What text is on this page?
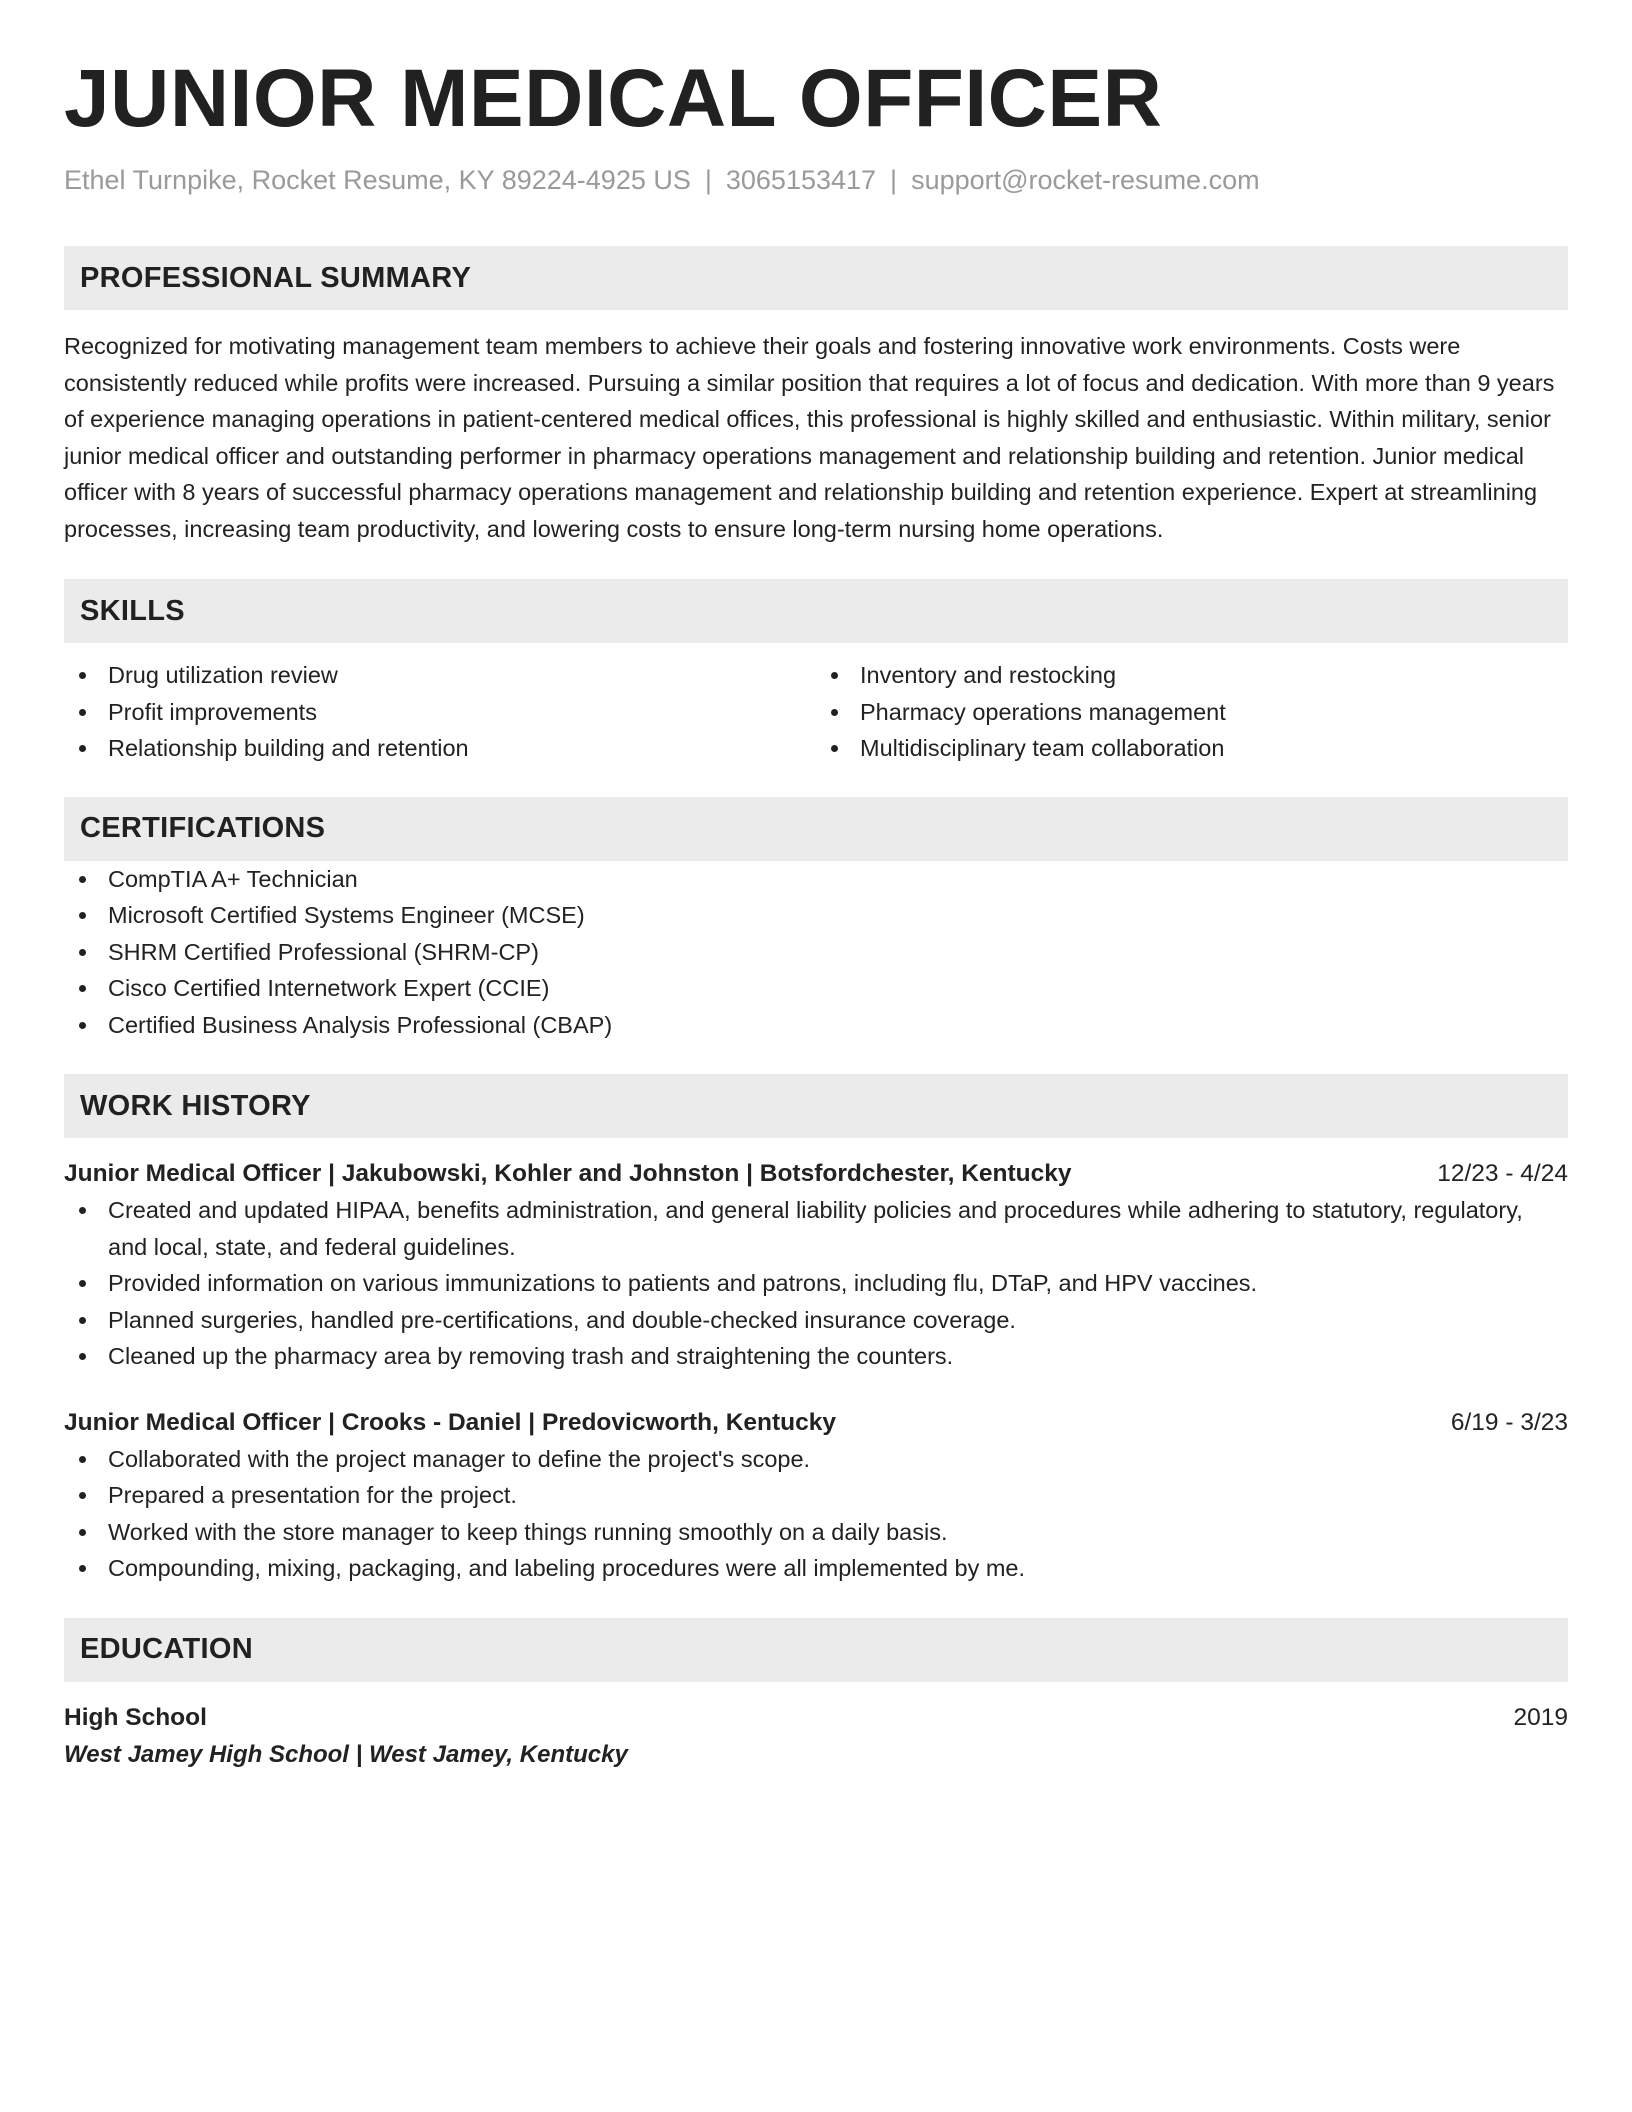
JUNIOR MEDICAL OFFICER
Ethel Turnpike, Rocket Resume, KY 89224-4925 US | 3065153417 | support@rocket-resume.com
PROFESSIONAL SUMMARY
Recognized for motivating management team members to achieve their goals and fostering innovative work environments. Costs were consistently reduced while profits were increased. Pursuing a similar position that requires a lot of focus and dedication. With more than 9 years of experience managing operations in patient-centered medical offices, this professional is highly skilled and enthusiastic. Within military, senior junior medical officer and outstanding performer in pharmacy operations management and relationship building and retention. Junior medical officer with 8 years of successful pharmacy operations management and relationship building and retention experience. Expert at streamlining processes, increasing team productivity, and lowering costs to ensure long-term nursing home operations.
SKILLS
Drug utilization review
Profit improvements
Relationship building and retention
Inventory and restocking
Pharmacy operations management
Multidisciplinary team collaboration
CERTIFICATIONS
CompTIA A+ Technician
Microsoft Certified Systems Engineer (MCSE)
SHRM Certified Professional (SHRM-CP)
Cisco Certified Internetwork Expert (CCIE)
Certified Business Analysis Professional (CBAP)
WORK HISTORY
Junior Medical Officer | Jakubowski, Kohler and Johnston | Botsfordchester, Kentucky	12/23 - 4/24
Created and updated HIPAA, benefits administration, and general liability policies and procedures while adhering to statutory, regulatory, and local, state, and federal guidelines.
Provided information on various immunizations to patients and patrons, including flu, DTaP, and HPV vaccines.
Planned surgeries, handled pre-certifications, and double-checked insurance coverage.
Cleaned up the pharmacy area by removing trash and straightening the counters.
Junior Medical Officer | Crooks - Daniel | Predovicworth, Kentucky	6/19 - 3/23
Collaborated with the project manager to define the project's scope.
Prepared a presentation for the project.
Worked with the store manager to keep things running smoothly on a daily basis.
Compounding, mixing, packaging, and labeling procedures were all implemented by me.
EDUCATION
High School	2019
West Jamey High School | West Jamey, Kentucky
